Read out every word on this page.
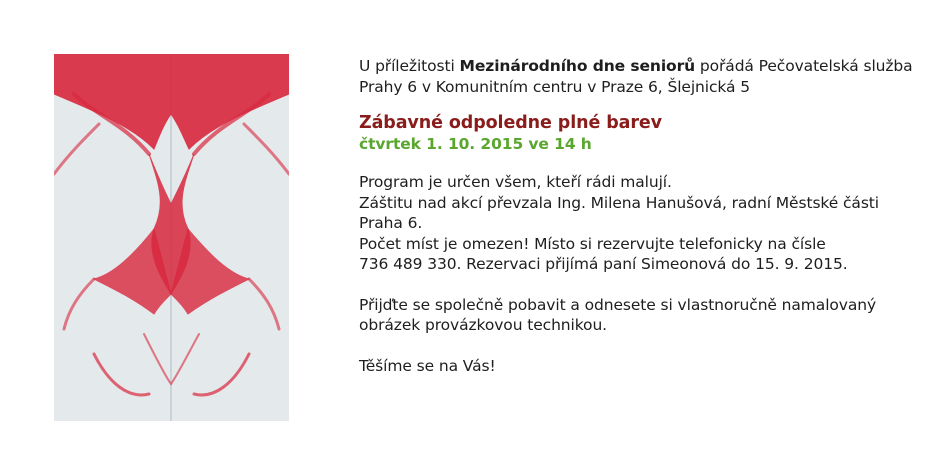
U příležitosti Mezinárodního dne seniorů pořádá Pečovatelská služba
Prahy 6 v Komunitním centru v Praze 6, Šlejnická 5

Zábavné odpoledne plné barev

čtvrtek 1. 10. 2015 ve 14 h

Program je určen všem, kteří rádi malují.
Záštitu nad akcí převzala Ing. Milena Hanušová, radní Městské části
Praha 6.
Počet míst je omezen! Místo si rezervujte telefonicky na čísle
736 489 330. Rezervaci přijímá paní Simeonová do 15. 9. 2015.

Přijďte se společně pobavit a odnesete si vlastnoručně namalovaný
obrázek provázkovou technikou.

Těšíme se na Vás!
